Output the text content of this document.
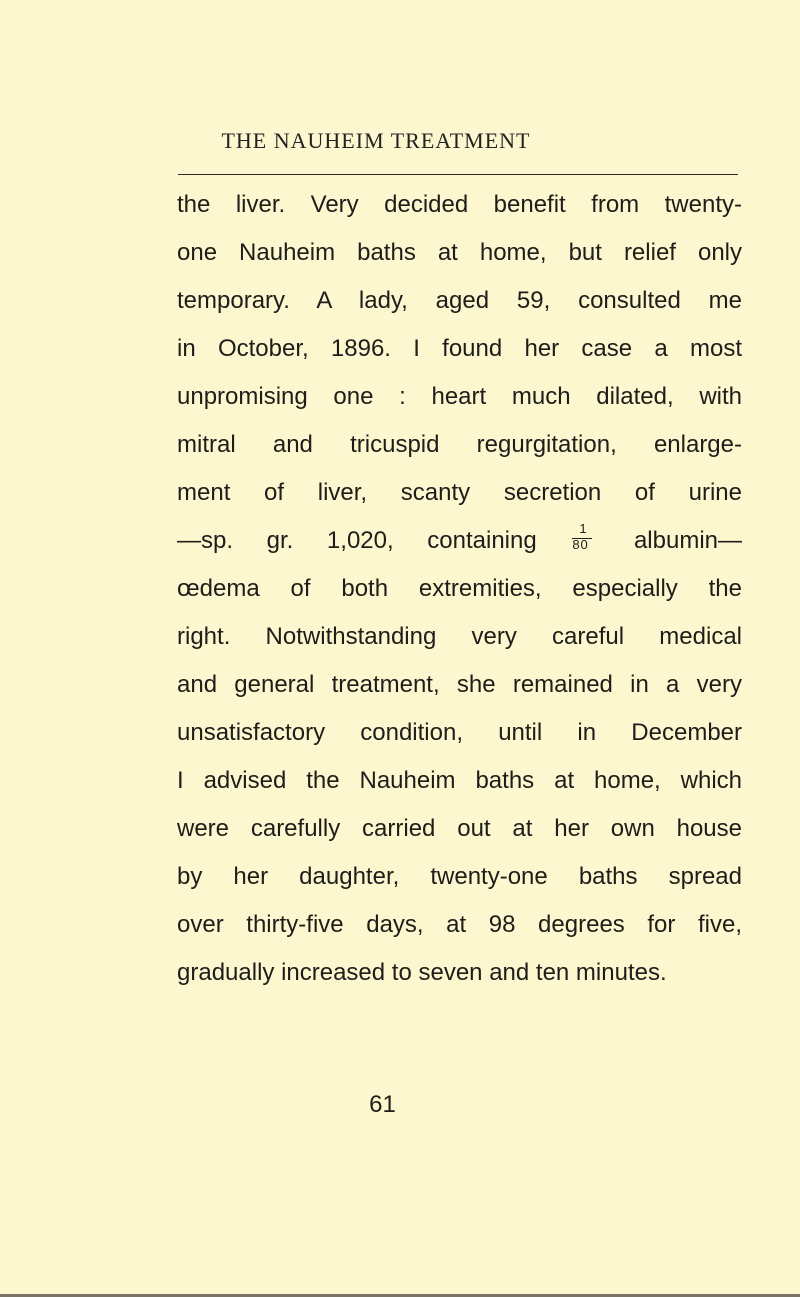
THE NAUHEIM TREATMENT
the liver. Very decided benefit from twenty-
one Nauheim baths at home, but relief only
temporary. A lady, aged 59, consulted me
in October, 1896. I found her case a most
unpromising one : heart much dilated, with
mitral and tricuspid regurgitation, enlarge-
ment of liver, scanty secretion of urine
—sp. gr. 1,020, containing	$\frac{1}{80}$ albumin—
œdema of both extremities, especially the
right. Notwithstanding very careful medical
and general treatment, she remained in a very
unsatisfactory condition, until in December
I advised the Nauheim baths at home, which
were carefully carried out at her own house
by her daughter, twenty-one baths spread
over thirty-five days, at 98 degrees for five,
gradually increased to seven and ten minutes.
61
